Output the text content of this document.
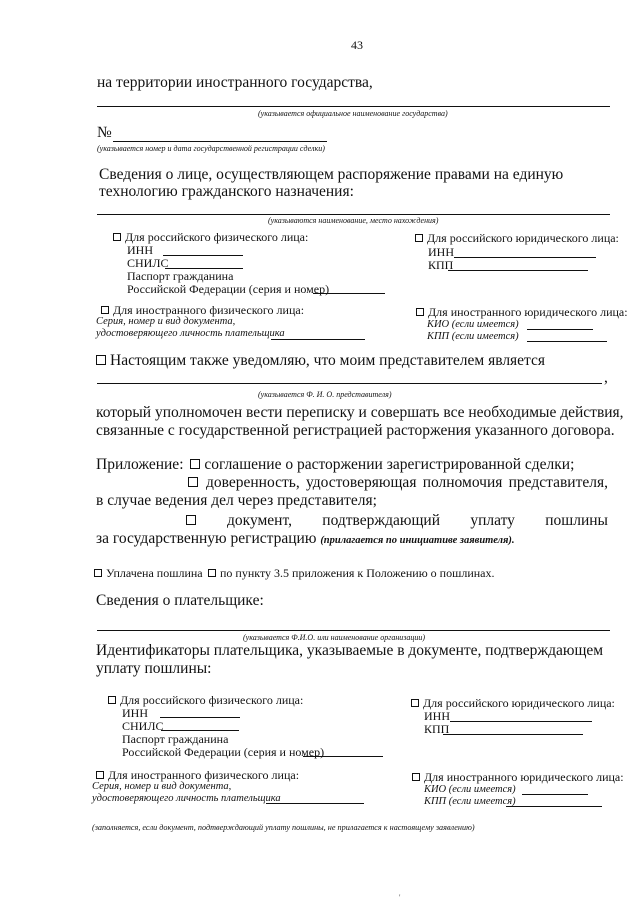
43
на территории иностранного государства,
(указывается официальное наименование государства)
№
(указывается номер и дата государственной регистрации сделки)
Сведения о лице, осуществляющем распоряжение правами на единую
технологию гражданского назначения:
(указываются наименование, место нахождения)
Для российского физического лица:
ИНН
СНИЛС
Паспорт гражданина
Российской Федерации (серия и номер)
Для российского юридического лица:
ИНН
КПП
Для иностранного физического лица:
Серия, номер и вид документа,
удостоверяющего личность плательщика
Для иностранного юридического лица:
КИО (если имеется)
КПП (если имеется)
Настоящим также уведомляю, что моим представителем является
,
(указывается Ф. И. О. представителя)
который уполномочен вести переписку и совершать все необходимые действия,
связанные с государственной регистрацией расторжения указанного договора.
Приложение: соглашение о расторжении зарегистрированной сделки;
доверенность, удостоверяющая полномочия представителя,
в случае ведения дел через представителя;
документ, подтверждающий уплату пошлины
за государственную регистрацию (прилагается по инициативе заявителя).
Уплачена пошлина	по пункту 3.5 приложения к Положению о пошлинах.
Сведения о плательщике:
(указывается Ф.И.О. или наименование организации)
Идентификаторы плательщика, указываемые в документе, подтверждающем
уплату пошлины:
Для российского физического лица:
ИНН
СНИЛС
Паспорт гражданина
Российской Федерации (серия и номер)
Для российского юридического лица:
ИНН
КПП
Для иностранного физического лица:
Серия, номер и вид документа,
удостоверяющего личность плательщика
Для иностранного юридического лица:
КИО (если имеется)
КПП (если имеется)
(заполняется, если документ, подтверждающий уплату пошлины, не прилагается к настоящему заявлению)
'
